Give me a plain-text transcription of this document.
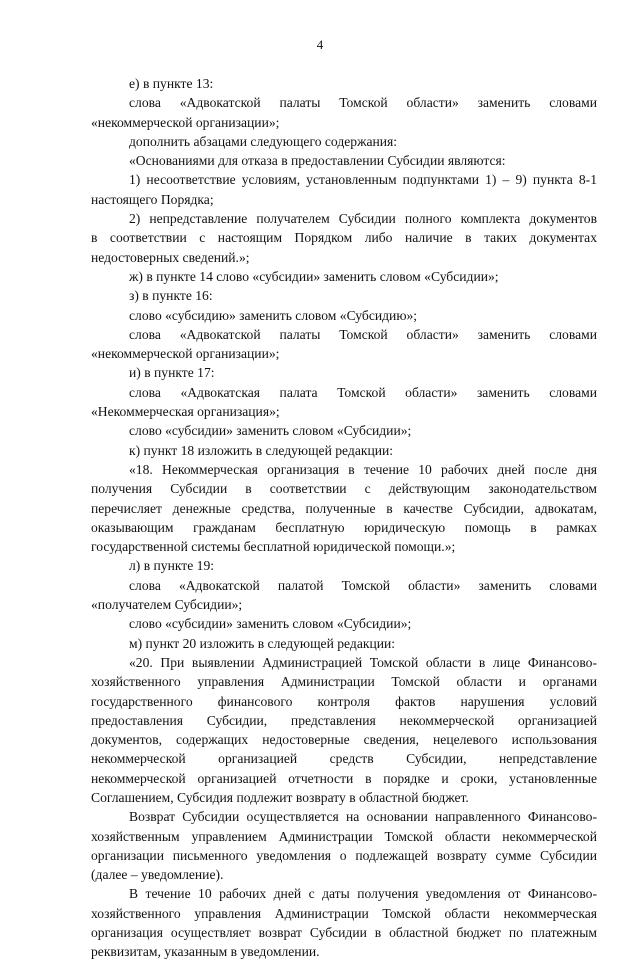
4

е) в пункте 13:

слова «Адвокатской палаты Томской области» заменить словами

«некоммерческой организации»;

дополнить абзацами следующего содержания:

«Основаниями для отказа в предоставлении Субсидии являются:

1) несоответствие условиям, установленным подпунктами 1) – 9) пункта 8-1

настоящего Порядка;

2) непредставление получателем Субсидии полного комплекта документов

в соответствии с настоящим Порядком либо наличие в таких документах

недостоверных сведений.»;

ж) в пункте 14 слово «субсидии» заменить словом «Субсидии»;

з) в пункте 16:

слово «субсидию» заменить словом «Субсидию»;

слова «Адвокатской палаты Томской области» заменить словами

«некоммерческой организации»;

и) в пункте 17:

слова «Адвокатская палата Томской области» заменить словами

«Некоммерческая организация»;

слово «субсидии» заменить словом «Субсидии»;

к) пункт 18 изложить в следующей редакции:

«18. Некоммерческая организация в течение 10 рабочих дней после дня

получения Субсидии в соответствии с действующим законодательством

перечисляет денежные средства, полученные в качестве Субсидии, адвокатам,

оказывающим гражданам бесплатную юридическую помощь в рамках

государственной системы бесплатной юридической помощи.»;

л) в пункте 19:

слова «Адвокатской палатой Томской области» заменить словами

«получателем Субсидии»;

слово «субсидии» заменить словом «Субсидии»;

м) пункт 20 изложить в следующей редакции:

«20. При выявлении Администрацией Томской области в лице Финансово-

хозяйственного управления Администрации Томской области и органами

государственного финансового контроля фактов нарушения условий

предоставления Субсидии, представления некоммерческой организацией

документов, содержащих недостоверные сведения, нецелевого использования

некоммерческой организацией средств Субсидии, непредставление

некоммерческой организацией отчетности в порядке и сроки, установленные

Соглашением, Субсидия подлежит возврату в областной бюджет.

Возврат Субсидии осуществляется на основании направленного Финансово-

хозяйственным управлением Администрации Томской области некоммерческой

организации письменного уведомления о подлежащей возврату сумме Субсидии

(далее – уведомление).

В течение 10 рабочих дней с даты получения уведомления от Финансово-

хозяйственного управления Администрации Томской области некоммерческая

организация осуществляет возврат Субсидии в областной бюджет по платежным

реквизитам, указанным в уведомлении.
